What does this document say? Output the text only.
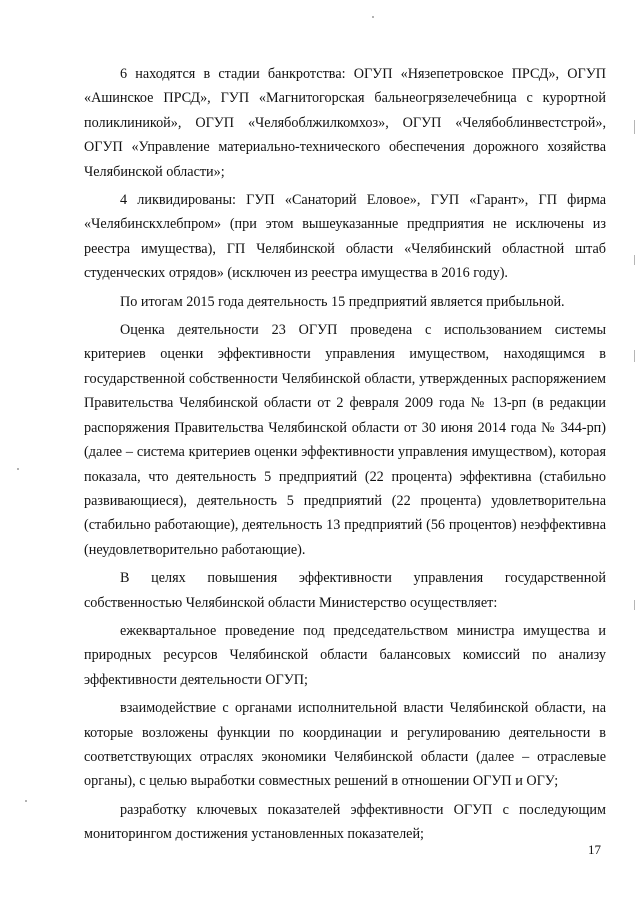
6 находятся в стадии банкротства: ОГУП «Нязепетровское ПРСД», ОГУП «Ашинское ПРСД», ГУП «Магнитогорская бальнеогрязелечебница с курортной поликлиникой», ОГУП «Челябоблжилкомхоз», ОГУП «Челябоблинвестстрой», ОГУП «Управление материально-технического обеспечения дорожного хозяйства Челябинской области»;

4 ликвидированы: ГУП «Санаторий Еловое», ГУП «Гарант», ГП фирма «Челябинскхлебпром» (при этом вышеуказанные предприятия не исключены из реестра имущества), ГП Челябинской области «Челябинский областной штаб студенческих отрядов» (исключен из реестра имущества в 2016 году).

По итогам 2015 года деятельность 15 предприятий является прибыльной.

Оценка деятельности 23 ОГУП проведена с использованием системы критериев оценки эффективности управления имуществом, находящимся в государственной собственности Челябинской области, утвержденных распоряжением Правительства Челябинской области от 2 февраля 2009 года № 13-рп (в редакции распоряжения Правительства Челябинской области от 30 июня 2014 года № 344-рп) (далее – система критериев оценки эффективности управления имуществом), которая показала, что деятельность 5 предприятий (22 процента) эффективна (стабильно развивающиеся), деятельность 5 предприятий (22 процента) удовлетворительна (стабильно работающие), деятельность 13 предприятий (56 процентов) неэффективна (неудовлетворительно работающие).

В целях повышения эффективности управления государственной собственностью Челябинской области Министерство осуществляет:

ежеквартальное проведение под председательством министра имущества и природных ресурсов Челябинской области балансовых комиссий по анализу эффективности деятельности ОГУП;

взаимодействие с органами исполнительной власти Челябинской области, на которые возложены функции по координации и регулированию деятельности в соответствующих отраслях экономики Челябинской области (далее – отраслевые органы), с целью выработки совместных решений в отношении ОГУП и ОГУ;

разработку ключевых показателей эффективности ОГУП с последующим мониторингом достижения установленных показателей;

17
